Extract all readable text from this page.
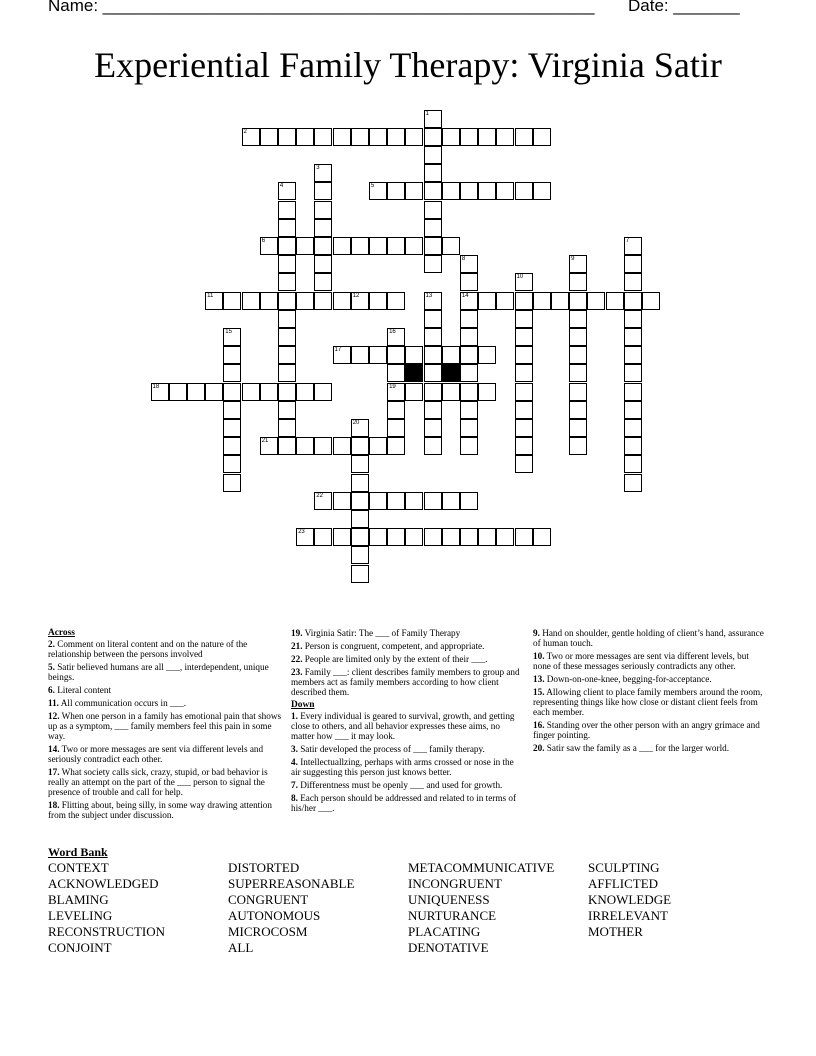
Name: ____________________________________________________ Date: _______
Experiential Family Therapy: Virginia Satir
2
5
6
11	12	14
17
18	19
21
22
23
1
3
4
8	9
7
10
13
15	16
20
Across
2. Comment on literal content and on the nature of the relationship between the persons involved
5. Satir believed humans are all ___, interdependent, unique beings.
6. Literal content
11. All communication occurs in ___.
12. When one person in a family has emotional pain that shows up as a symptom, ___ family members feel this pain in some way.
14. Two or more messages are sent via different levels and seriously contradict each other.
17. What society calls sick, crazy, stupid, or bad behavior is really an attempt on the part of the ___ person to signal the presence of trouble and call for help.
18. Flitting about, being silly, in some way drawing attention from the subject under discussion.
19. Virginia Satir: The ___ of Family Therapy
21. Person is congruent, competent, and appropriate.
22. People are limited only by the extent of their ___.
23. Family ___: client describes family members to group and members act as family members according to how client described them.
Down
1. Every individual is geared to survival, growth, and getting close to others, and all behavior expresses these aims, no matter how ___ it may look.
3. Satir developed the process of ___ family therapy.
4. Intellectuallzing, perhaps with arms crossed or nose in the air suggesting this person just knows better.
7. Differentness must be openly ___ and used for growth.
8. Each person should be addressed and related to in terms of his/her ___.
9. Hand on shoulder, gentle holding of client’s hand, assurance of human touch.
10. Two or more messages are sent via different levels, but none of these messages seriously contradicts any other.
13. Down-on-one-knee, begging-for-acceptance.
15. Allowing client to place family members around the room, representing things like how close or distant client feels from each member.
16. Standing over the other person with an angry grimace and finger pointing.
20. Satir saw the family as a ___ for the larger world.
Word Bank
CONTEXT
ACKNOWLEDGED
BLAMING
LEVELING
RECONSTRUCTION
CONJOINT
DISTORTED
SUPERREASONABLE
CONGRUENT
AUTONOMOUS
MICROCOSM
ALL
METACOMMUNICATIVE
INCONGRUENT
UNIQUENESS
NURTURANCE
PLACATING
DENOTATIVE
SCULPTING
AFFLICTED
KNOWLEDGE
IRRELEVANT
MOTHER
